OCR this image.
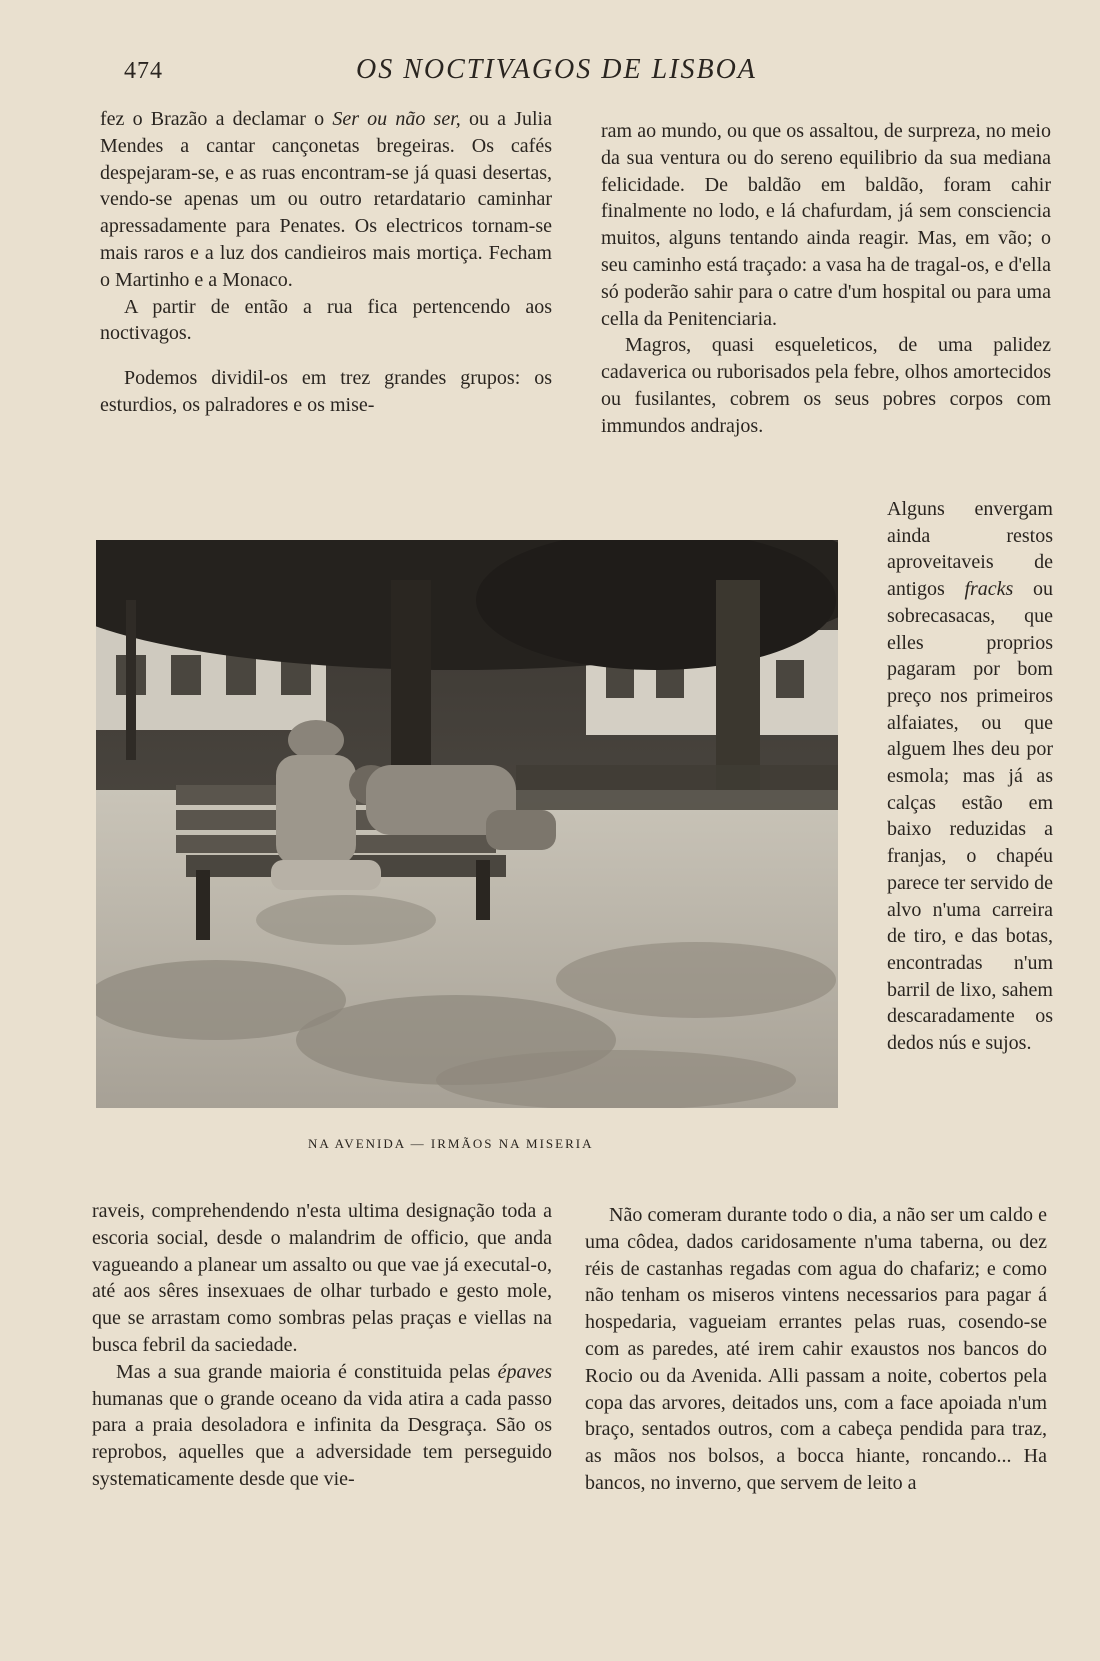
474	OS NOCTIVAGOS DE LISBOA

fez o Brazão a declamar o Ser ou não ser, ou a Julia Mendes a cantar cançonetas bregeiras. Os cafés despejaram-se, e as ruas encontram-se já quasi desertas, vendo-se apenas um ou outro retardatario caminhar apressadamente para Penates. Os electricos tornam-se mais raros e a luz dos candieiros mais mortiça. Fecham o Martinho e a Monaco.

A partir de então a rua fica pertencendo aos noctivagos.

Podemos dividil-os em trez grandes grupos: os esturdios, os palradores e os mise-

ram ao mundo, ou que os assaltou, de surpreza, no meio da sua ventura ou do sereno equilibrio da sua mediana felicidade. De baldão em baldão, foram cahir finalmente no lodo, e lá chafurdam, já sem consciencia muitos, alguns tentando ainda reagir. Mas, em vão; o seu caminho está traçado: a vasa ha de tragal-os, e d'ella só poderão sahir para o catre d'um hospital ou para uma cella da Penitenciaria.

Magros, quasi esqueleticos, de uma palidez cadaverica ou ruborisados pela febre, olhos amortecidos ou fusilantes, cobrem os seus pobres corpos com immundos andrajos.

Alguns envergam ainda restos aproveitaveis de antigos fracks ou sobrecasacas, que elles proprios pagaram por bom preço nos primeiros alfaiates, ou que alguem lhes deu por esmola; mas já as calças estão em baixo reduzidas a franjas, o chapéu parece ter servido de alvo n'uma carreira de tiro, e das botas, encontradas n'um barril de lixo, sahem descaradamente os dedos nús e sujos.
NA AVENIDA — IRMÃOS NA MISERIA

raveis, comprehendendo n'esta ultima designação toda a escoria social, desde o malandrim de officio, que anda vagueando a planear um assalto ou que vae já executal-o, até aos sêres insexuaes de olhar turbado e gesto mole, que se arrastam como sombras pelas praças e viellas na busca febril da saciedade.

Mas a sua grande maioria é constituida pelas épaves humanas que o grande oceano da vida atira a cada passo para a praia desoladora e infinita da Desgraça. São os reprobos, aquelles que a adversidade tem perseguido systematicamente desde que vie-

Não comeram durante todo o dia, a não ser um caldo e uma côdea, dados caridosamente n'uma taberna, ou dez réis de castanhas regadas com agua do chafariz; e como não tenham os miseros vintens necessarios para pagar á hospedaria, vagueiam errantes pelas ruas, cosendo-se com as paredes, até irem cahir exaustos nos bancos do Rocio ou da Avenida. Alli passam a noite, cobertos pela copa das arvores, deitados uns, com a face apoiada n'um braço, sentados outros, com a cabeça pendida para traz, as mãos nos bolsos, a bocca hiante, roncando... Ha bancos, no inverno, que servem de leito a
